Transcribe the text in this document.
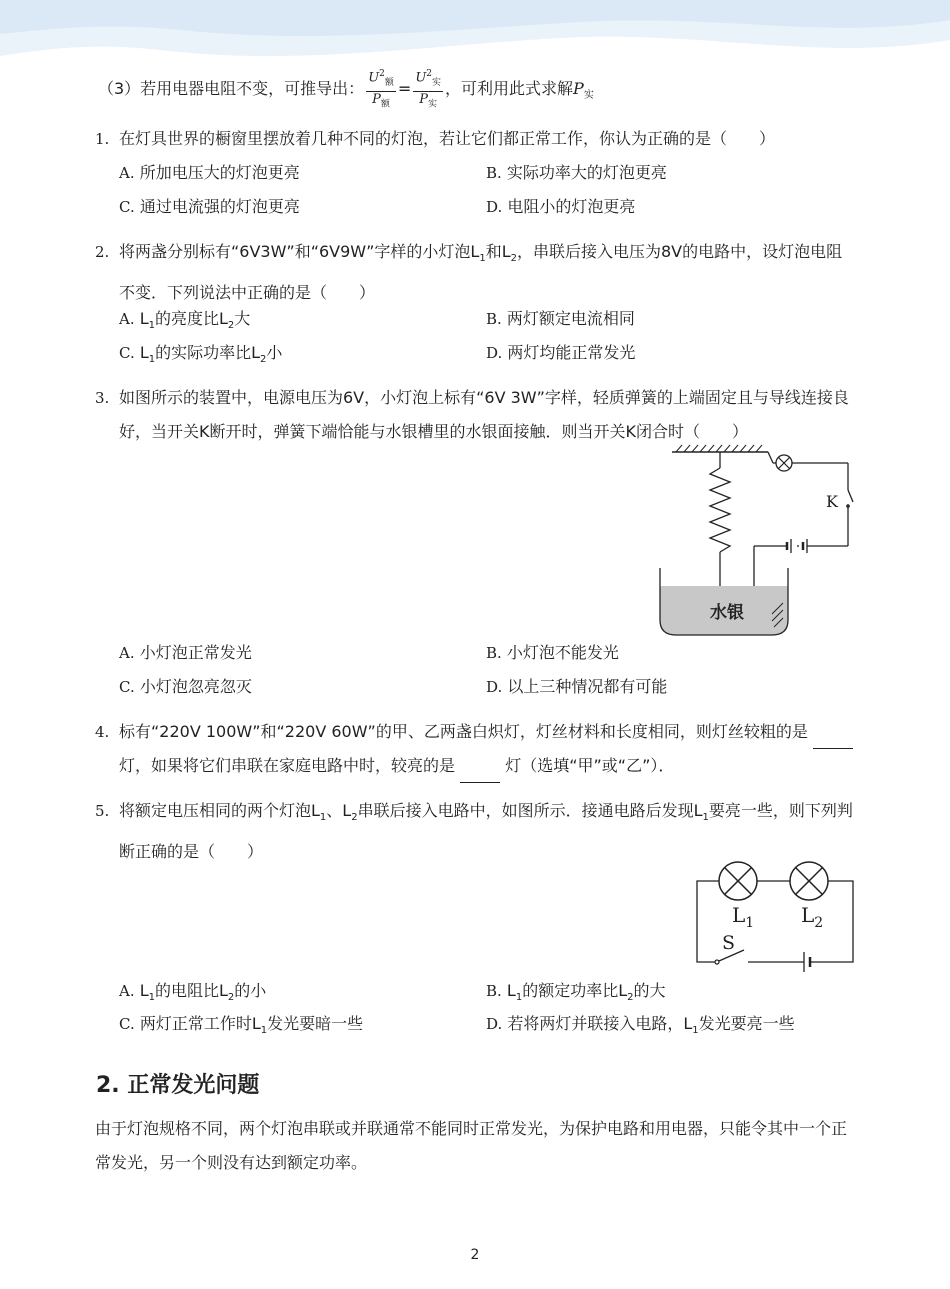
（3）若用电器电阻不变，可推导出： $\frac{U^2_额}{P_额} = \frac{U^2_实}{P_实}$ ，可利用此式求解$P_实$
1. 在灯具世界的橱窗里摆放着几种不同的灯泡，若让它们都正常工作，你认为正确的是（　　）
A. 所加电压大的灯泡更亮	B. 实际功率大的灯泡更亮
C. 通过电流强的灯泡更亮	D. 电阻小的灯泡更亮
2. 将两盏分别标有“6V3W”和“6V9W”字样的小灯泡$L_1$和$L_2$，串联后接入电压为8V的电路中，设灯泡电阻不变．下列说法中正确的是（　　）
A. $L_1$的亮度比$L_2$大	B. 两灯额定电流相同
C. $L_1$的实际功率比$L_2$小	D. 两灯均能正常发光
3. 如图所示的装置中，电源电压为6V，小灯泡上标有“6V 3W”字样，轻质弹簧的上端固定且与导线连接良好，当开关K断开时，弹簧下端恰能与水银槽里的水银面接触．则当开关K闭合时（　　）
K
水银
A. 小灯泡正常发光	B. 小灯泡不能发光
C. 小灯泡忽亮忽灭	D. 以上三种情况都有可能
4. 标有“220V 100W”和“220V 60W”的甲、乙两盏白炽灯，灯丝材料和长度相同，则灯丝较粗的是  灯，如果将它们串联在家庭电路中时，较亮的是	灯（选填“甲”或“乙”）．
5. 将额定电压相同的两个灯泡$L_1$、$L_2$串联后接入电路中，如图所示．接通电路后发现$L_1$要亮一些，则下列判断正确的是（　　）
$L_1$ $L_2$
S
A. $L_1$的电阻比$L_2$的小	B. $L_1$的额定功率比$L_2$的大
C. 两灯正常工作时$L_1$发光要暗一些	D. 若将两灯并联接入电路，$L_1$发光要亮一些
2. 正常发光问题
由于灯泡规格不同，两个灯泡串联或并联通常不能同时正常发光，为保护电路和用电器，只能令其中一个正常发光，另一个则没有达到额定功率。
2
